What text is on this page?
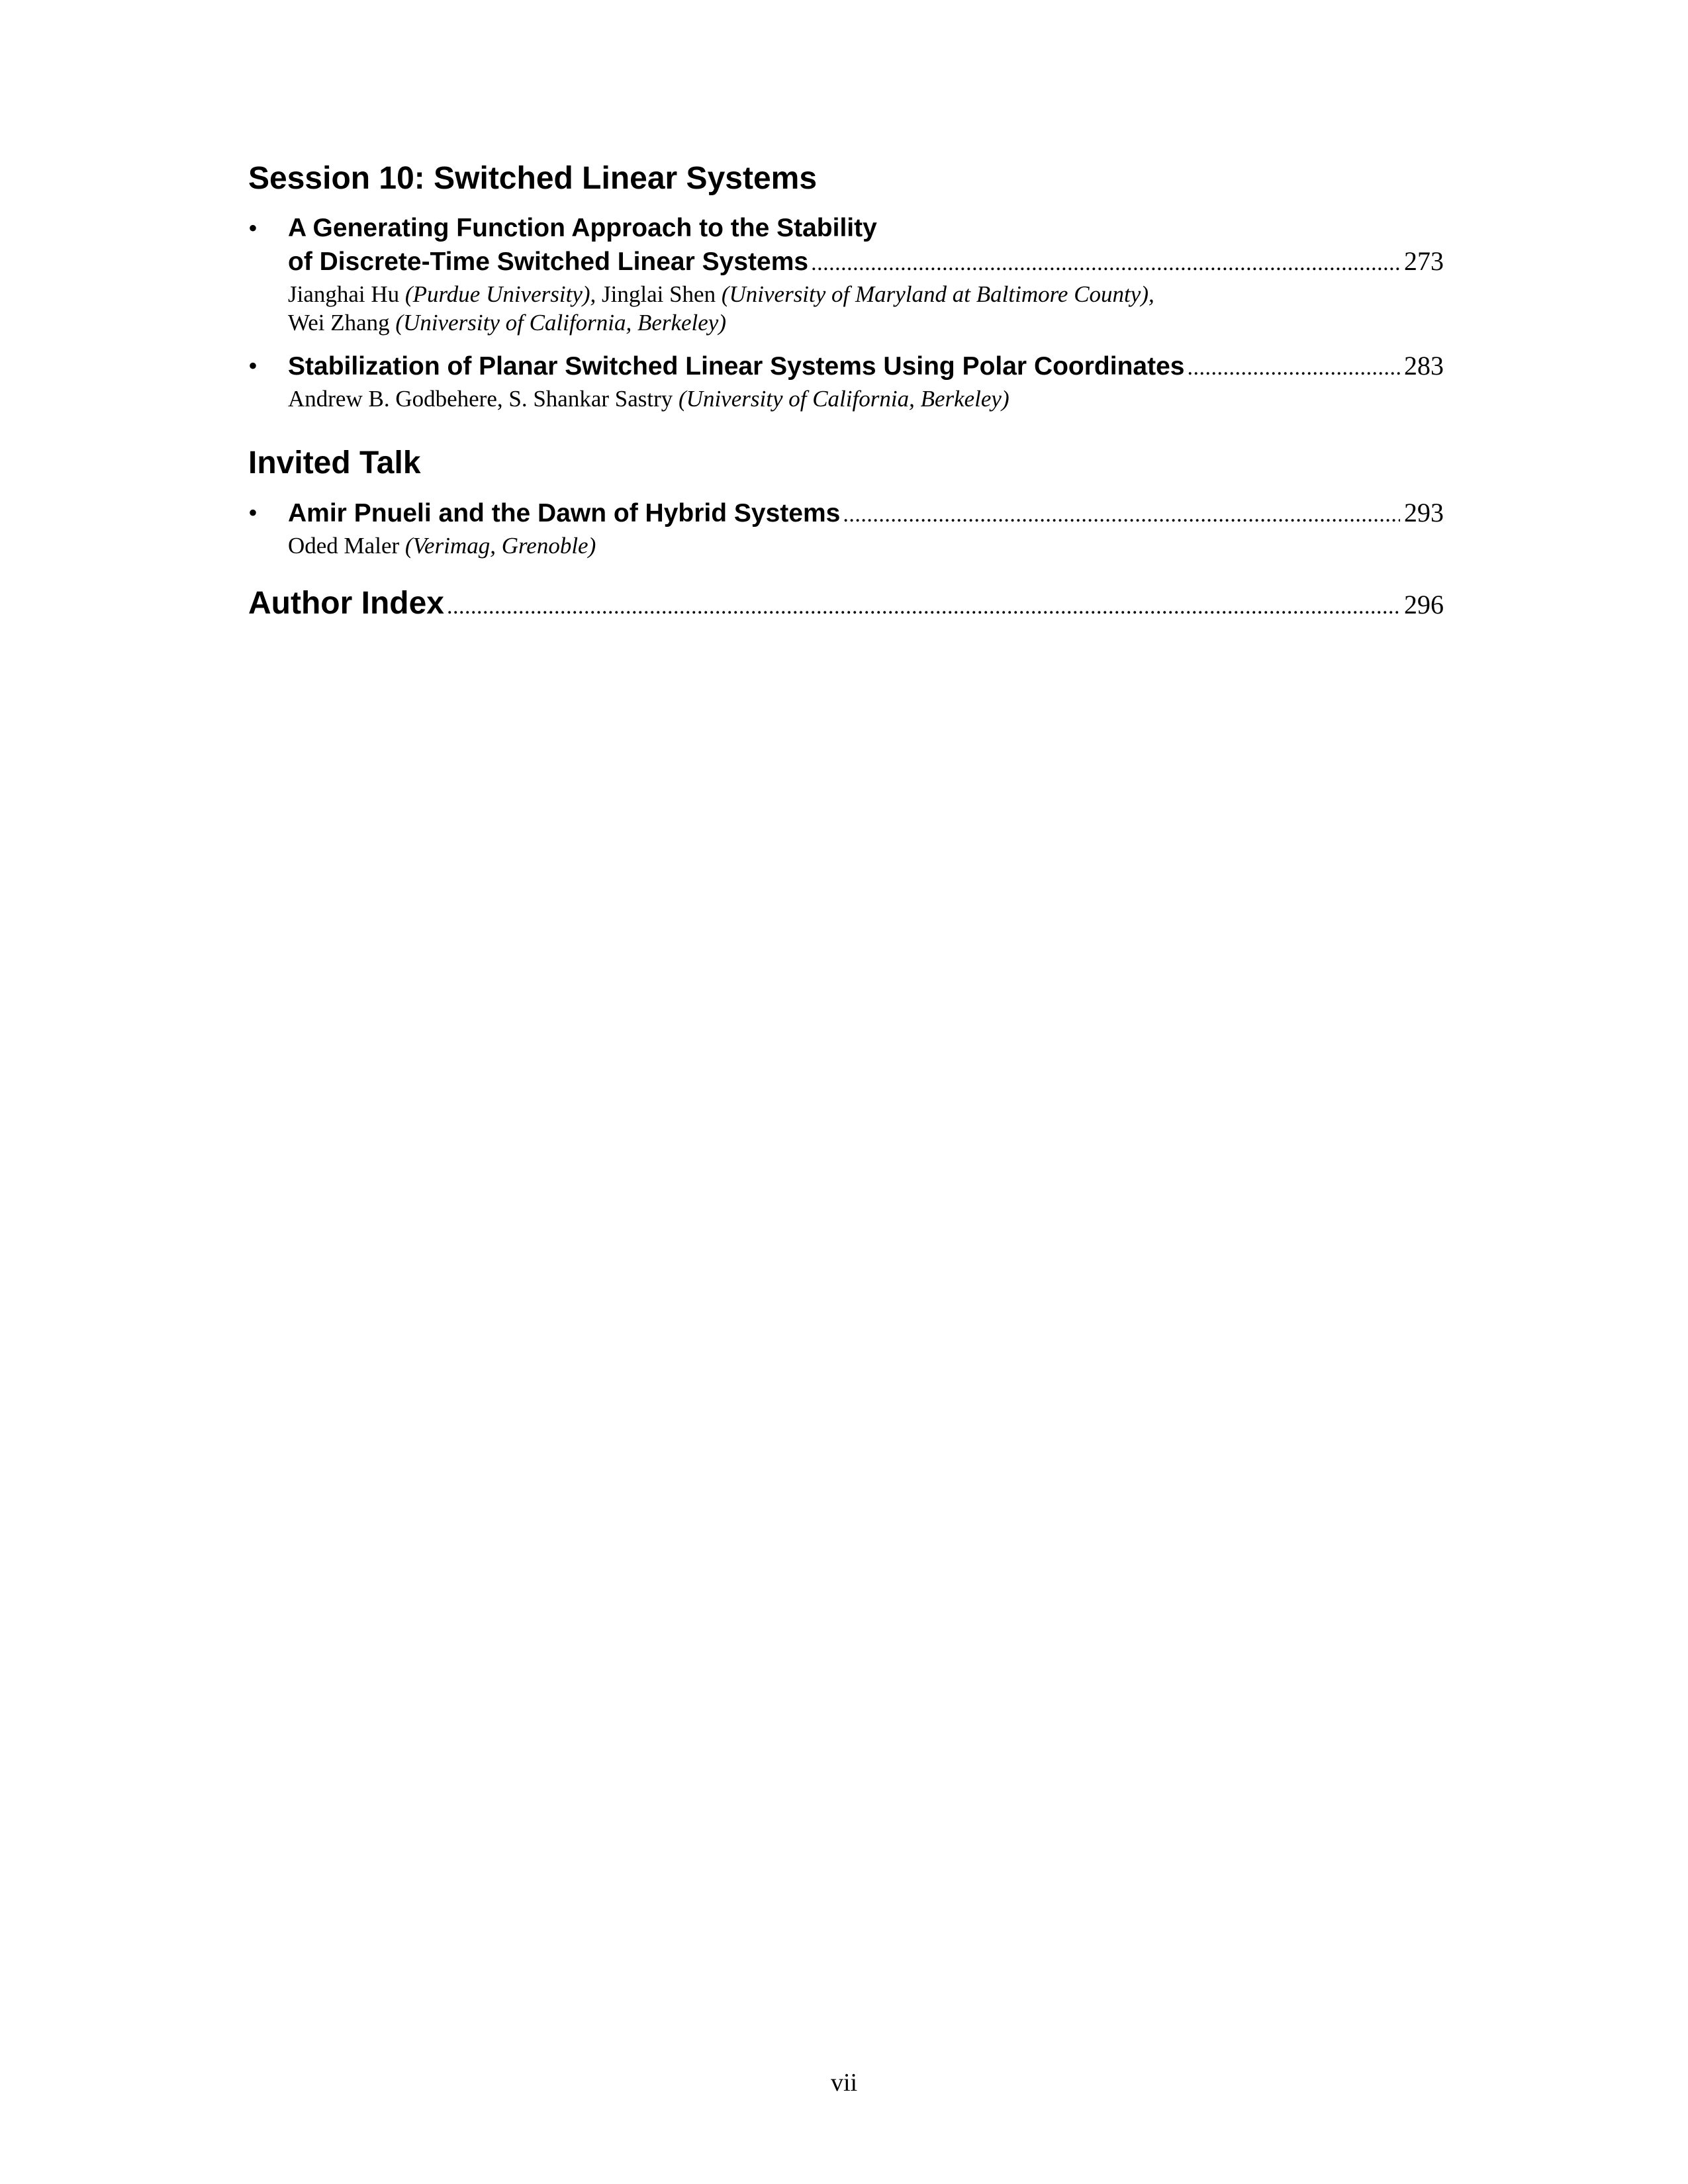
Session 10: Switched Linear Systems
• A Generating Function Approach to the Stability
of Discrete-Time Switched Linear Systems . . .	273
Jianghai Hu (Purdue University), Jinglai Shen (University of Maryland at Baltimore County),
Wei Zhang (University of California, Berkeley)
• Stabilization of Planar Switched Linear Systems Using Polar Coordinates . . .	283
Andrew B. Godbehere, S. Shankar Sastry (University of California, Berkeley)
Invited Talk
• Amir Pnueli and the Dawn of Hybrid Systems . . .	293
Oded Maler (Verimag, Grenoble)
Author Index . . .	296
vii
